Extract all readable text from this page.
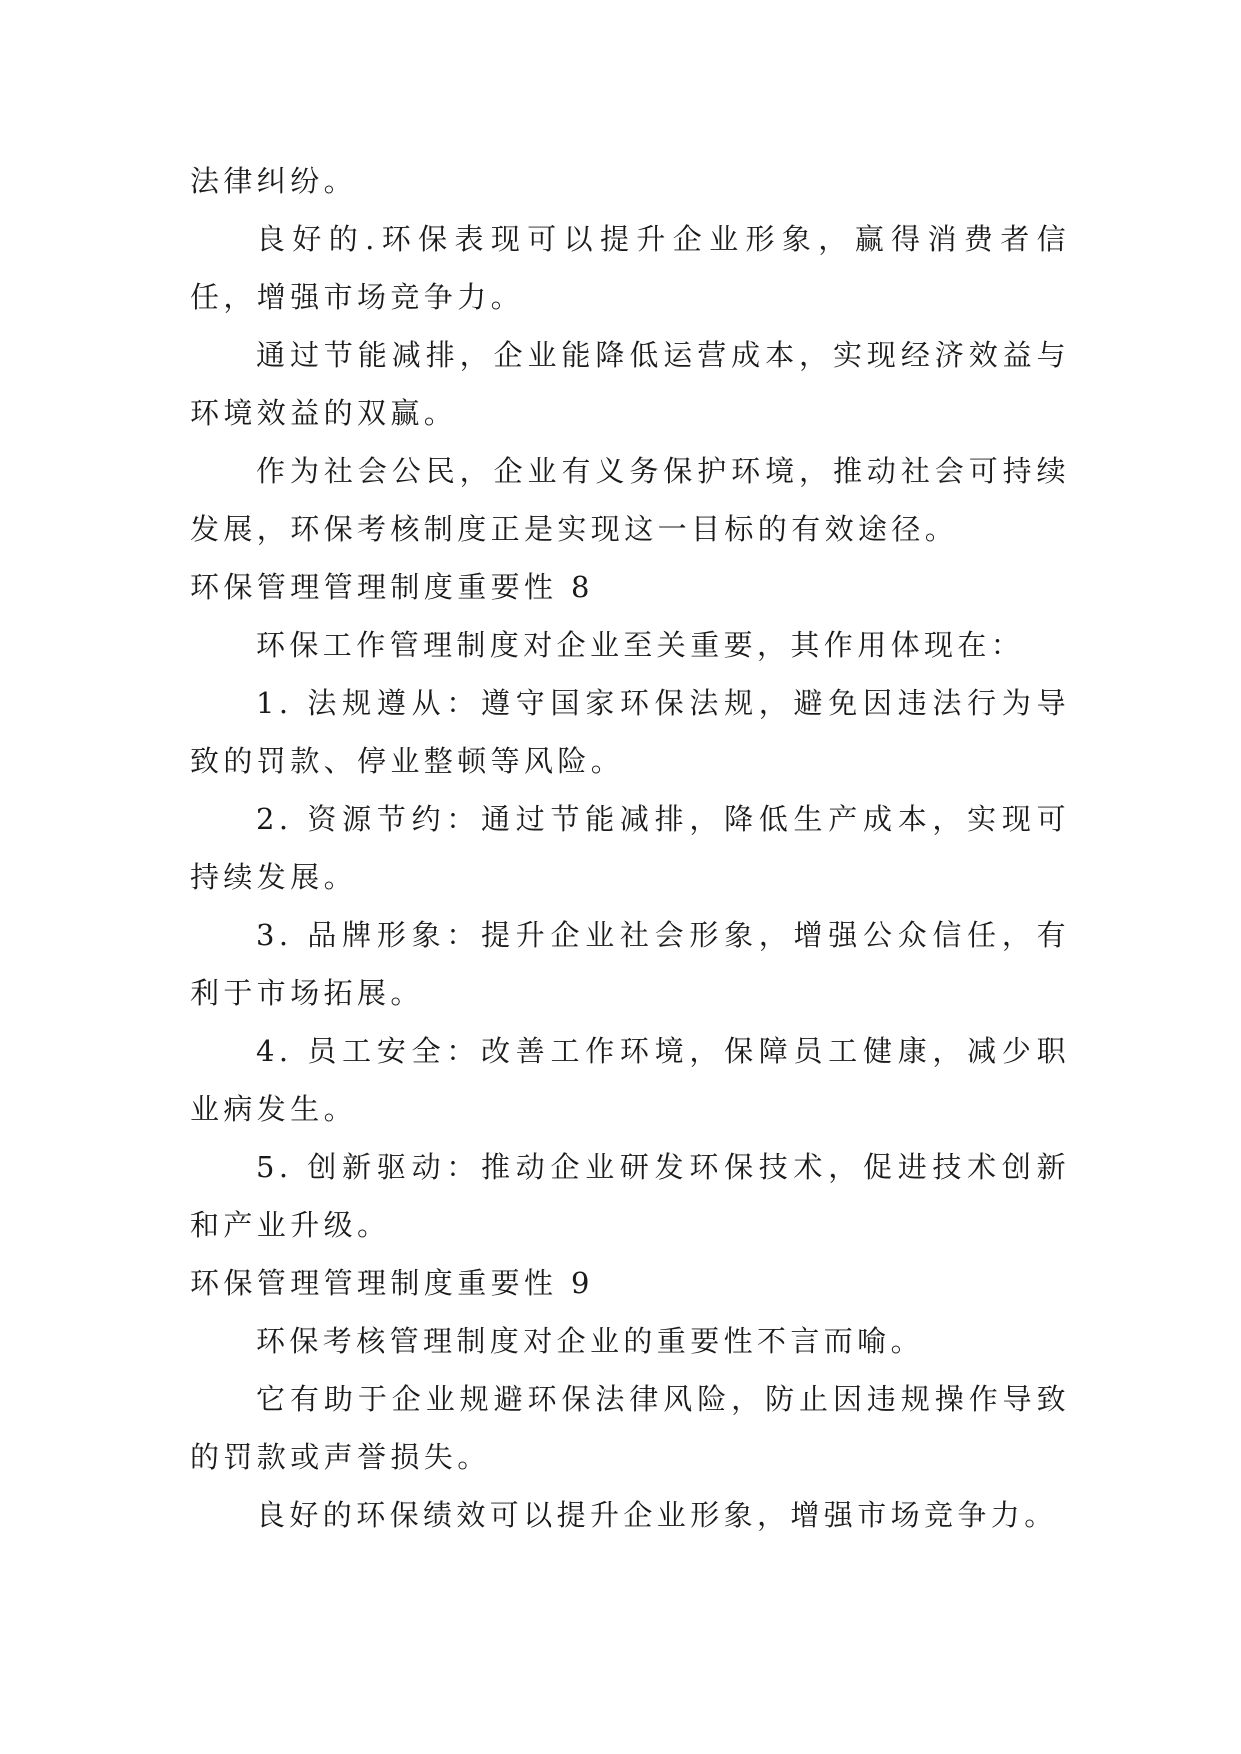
法律纠纷。

良好的.环保表现可以提升企业形象，赢得消费者信任，增强市场竞争力。

通过节能减排，企业能降低运营成本，实现经济效益与环境效益的双赢。

作为社会公民，企业有义务保护环境，推动社会可持续发展，环保考核制度正是实现这一目标的有效途径。

环保管理管理制度重要性 8

环保工作管理制度对企业至关重要，其作用体现在：

1. 法规遵从：遵守国家环保法规，避免因违法行为导致的罚款、停业整顿等风险。

2. 资源节约：通过节能减排，降低生产成本，实现可持续发展。

3. 品牌形象：提升企业社会形象，增强公众信任，有利于市场拓展。

4. 员工安全：改善工作环境，保障员工健康，减少职业病发生。

5. 创新驱动：推动企业研发环保技术，促进技术创新和产业升级。

环保管理管理制度重要性 9

环保考核管理制度对企业的重要性不言而喻。

它有助于企业规避环保法律风险，防止因违规操作导致的罚款或声誉损失。

良好的环保绩效可以提升企业形象，增强市场竞争力。
